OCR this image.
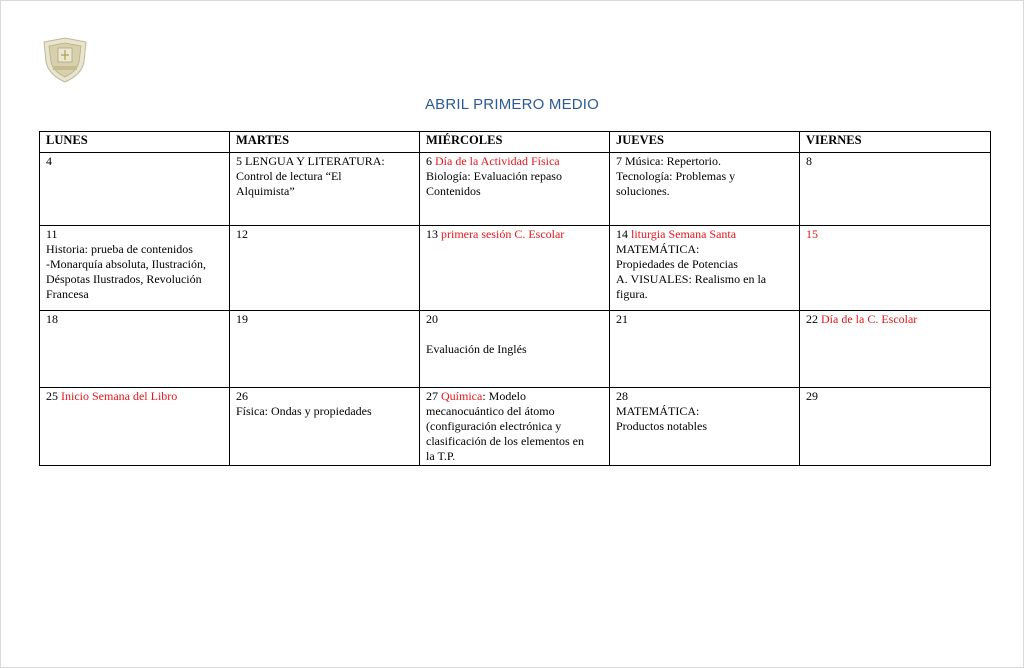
ABRIL PRIMERO MEDIO
LUNES	MARTES	MIÉRCOLES	JUEVES	VIERNES

4	5 LENGUA Y LITERATURA:
Control de lectura “El
Alquimista”	6 Día de la Actividad Física
Biología: Evaluación repaso
Contenidos	7 Música: Repertorio.
Tecnología: Problemas y
soluciones.	8

11
Historia: prueba de contenidos
-Monarquía absoluta, Ilustración,
Déspotas Ilustrados, Revolución
Francesa	12	13 primera sesión C. Escolar	14 liturgia Semana Santa
MATEMÁTICA:
Propiedades de Potencias
A. VISUALES: Realismo en la
figura.	15

18	19	20

Evaluación de Inglés	21	22 Día de la C. Escolar

25 Inicio Semana del Libro	26
Física: Ondas y propiedades	27 Química: Modelo
mecanocuántico del átomo
(configuración electrónica y
clasificación de los elementos en
la T.P.	28
MATEMÁTICA:
Productos notables	29
